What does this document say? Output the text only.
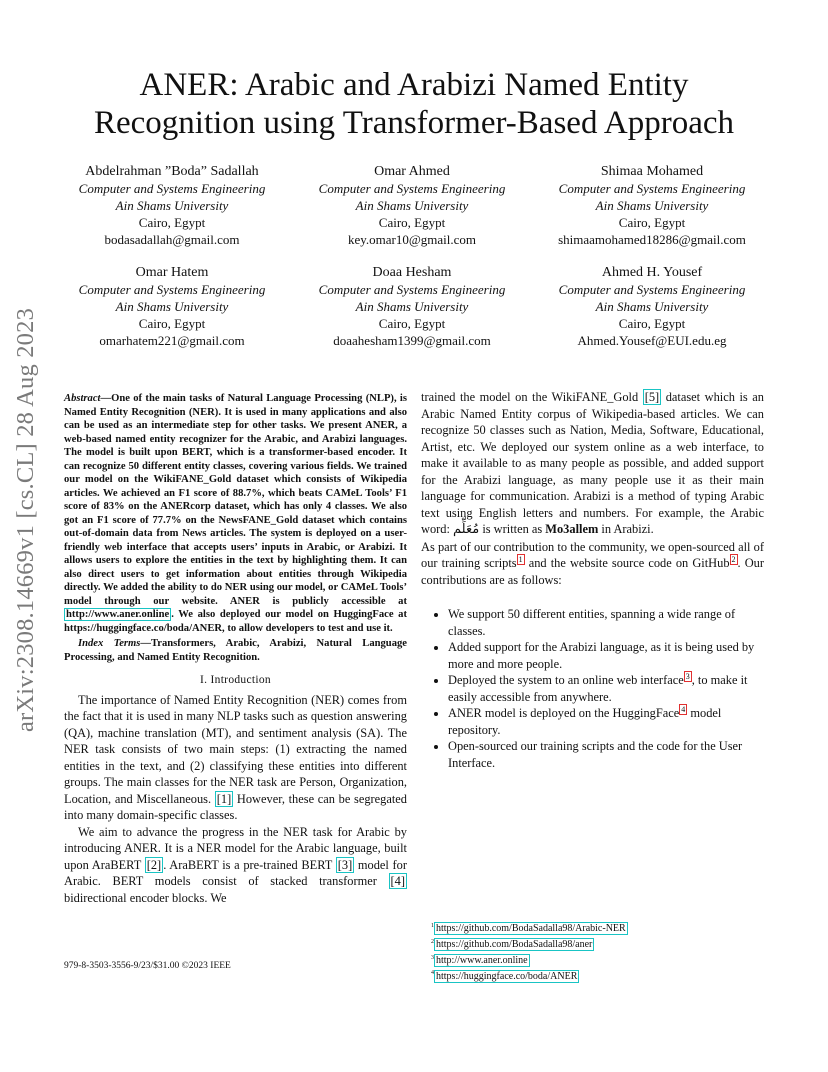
arXiv:2308.14669v1 [cs.CL] 28 Aug 2023
ANER: Arabic and Arabizi Named Entity
Recognition using Transformer-Based Approach
Abdelrahman ”Boda” Sadallah
Computer and Systems Engineering
Ain Shams University
Cairo, Egypt
bodasadallah@gmail.com
Omar Ahmed
Computer and Systems Engineering
Ain Shams University
Cairo, Egypt
key.omar10@gmail.com
Shimaa Mohamed
Computer and Systems Engineering
Ain Shams University
Cairo, Egypt
shimaamohamed18286@gmail.com
Omar Hatem
Computer and Systems Engineering
Ain Shams University
Cairo, Egypt
omarhatem221@gmail.com
Doaa Hesham
Computer and Systems Engineering
Ain Shams University
Cairo, Egypt
doaahesham1399@gmail.com
Ahmed H. Yousef
Computer and Systems Engineering
Ain Shams University
Cairo, Egypt
Ahmed.Yousef@EUI.edu.eg

Abstract—One of the main tasks of Natural Language Processing (NLP), is Named Entity Recognition (NER). It is used in many applications and also can be used as an intermediate step for other tasks. We present ANER, a web-based named entity recognizer for the Arabic, and Arabizi languages. The model is built upon BERT, which is a transformer-based encoder. It can recognize 50 different entity classes, covering various fields. We trained our model on the WikiFANE_Gold dataset which consists of Wikipedia articles. We achieved an F1 score of 88.7%, which beats CAMeL Tools’ F1 score of 83% on the ANERcorp dataset, which has only 4 classes. We also got an F1 score of 77.7% on the NewsFANE_Gold dataset which contains out-of-domain data from News articles. The system is deployed on a user-friendly web interface that accepts users’ inputs in Arabic, or Arabizi. It allows users to explore the entities in the text by highlighting them. It can also direct users to get information about entities through Wikipedia directly. We added the ability to do NER using our model, or CAMeL Tools’ model through our website. ANER is publicly accessible at http://www.aner.online . We also deployed our model on HuggingFace at https://huggingface.co/boda/ANER, to allow developers to test and use it.

Index Terms—Transformers, Arabic, Arabizi, Natural Language Processing, and Named Entity Recognition.

I. Introduction

The importance of Named Entity Recognition (NER) comes from the fact that it is used in many NLP tasks such as question answering (QA), machine translation (MT), and sentiment analysis (SA). The NER task consists of two main steps: (1) extracting the named entities in the text, and (2) classifying these entities into different groups. The main classes for the NER task are Person, Organization, Location, and Miscellaneous. [1] However, these can be segregated into many domain-specific classes.

We aim to advance the progress in the NER task for Arabic by introducing ANER. It is a NER model for the Arabic language, built upon AraBERT [2] . AraBERT is a pre-trained BERT [3] model for Arabic. BERT models consist of stacked transformer [4] bidirectional encoder blocks. We

979-8-3503-3556-9/23/$31.00 ©2023 IEEE

trained the model on the WikiFANE_Gold [5] dataset which is an Arabic Named Entity corpus of Wikipedia-based articles. We can recognize 50 classes such as Nation, Media, Software, Educational, Artist, etc. We deployed our system online as a web interface, to make it available to as many people as possible, and added support for the Arabizi language, as many people use it as their main language for communication. Arabizi is a method of typing Arabic text using English letters and numbers. For example, the Arabic word: مُعَلِّم is written as Mo3allem in Arabizi.

As part of our contribution to the community, we open-sourced all of our training scripts $^1$ and the website source code on GitHub $^2$ . Our contributions are as follows:

• We support 50 different entities, spanning a wide range of classes.
• Added support for the Arabizi language, as it is being used by more and more people.
• Deployed the system to an online web interface $^3$ , to make it easily accessible from anywhere.
• ANER model is deployed on the HuggingFace $^4$ model repository.
• Open-sourced our training scripts and the code for the User Interface.
$^1$ https://github.com/BodaSadalla98/Arabic-NER
$^2$ https://github.com/BodaSadalla98/aner
$^3$ http://www.aner.online
$^4$ https://huggingface.co/boda/ANER
